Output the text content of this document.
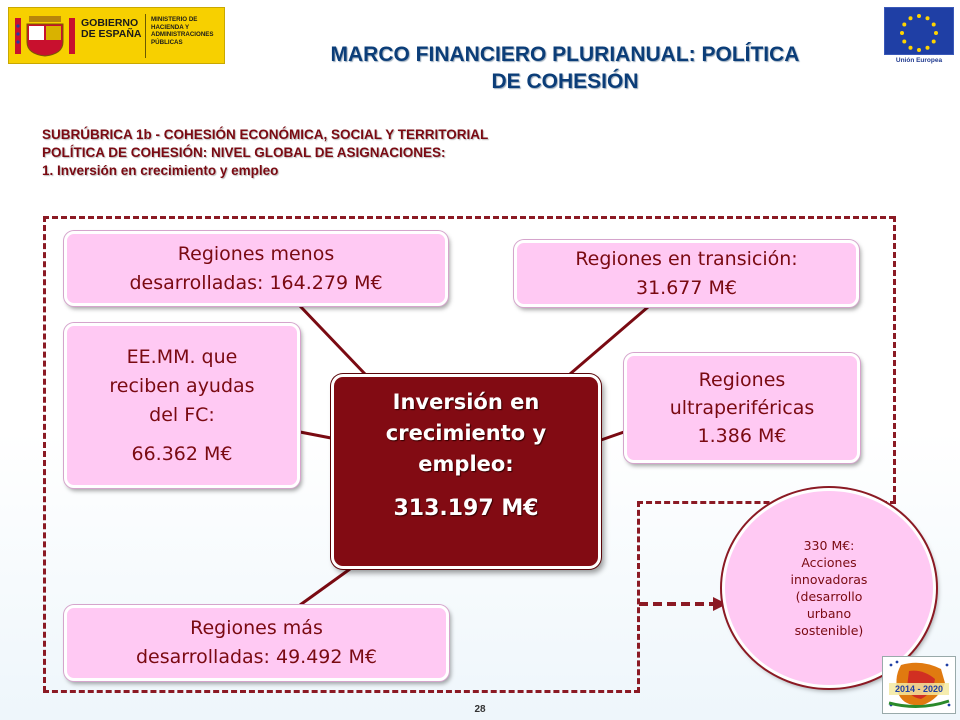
GOBIERNO DE ESPAÑA
MINISTERIO DE HACIENDA Y ADMINISTRACIONES PÚBLICAS
Unión Europea
MARCO FINANCIERO PLURIANUAL: POLÍTICA
DE COHESIÓN
SUBRÚBRICA 1b - COHESIÓN ECONÓMICA, SOCIAL Y TERRITORIAL
POLÍTICA DE COHESIÓN: NIVEL GLOBAL DE ASIGNACIONES:
1. Inversión en crecimiento y empleo
Regiones menos
desarrolladas: 164.279 M€
Regiones en transición:
31.677 M€
EE.MM. que
reciben ayudas
del FC:
66.362 M€
Regiones
ultraperiféricas
1.386 M€
Regiones más
desarrolladas: 49.492 M€
Inversión en
crecimiento y
empleo:
313.197 M€
330 M€:
Acciones
innovadoras
(desarrollo
urbano
sostenible)
2014 - 2020
28
